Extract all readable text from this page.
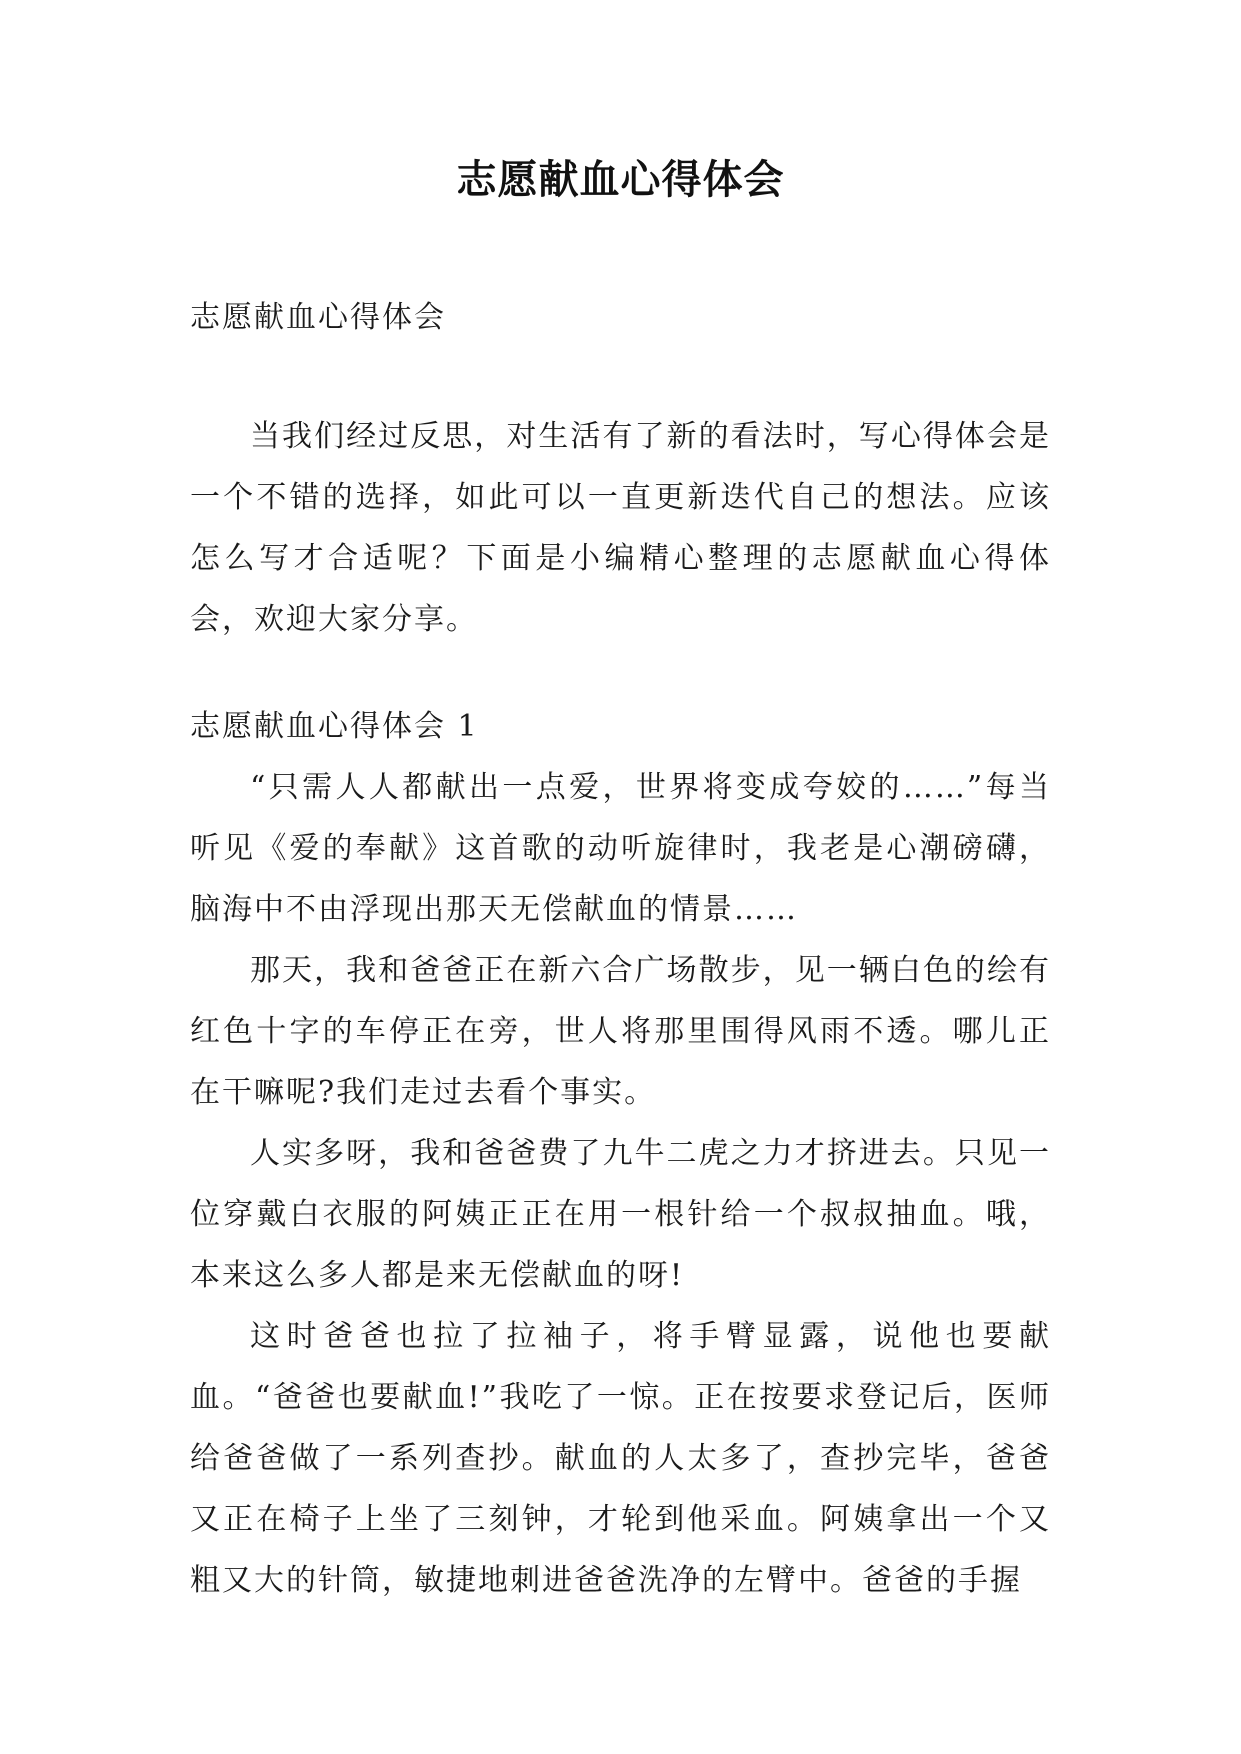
志愿献血心得体会
志愿献血心得体会

当我们经过反思，对生活有了新的看法时，写心得体会是一个不错的选择，如此可以一直更新迭代自己的想法。应该怎么写才合适呢？下面是小编精心整理的志愿献血心得体会，欢迎大家分享。

志愿献血心得体会 1

“只需人人都献出一点爱，世界将变成夸姣的……”每当听见《爱的奉献》这首歌的动听旋律时，我老是心潮磅礴，脑海中不由浮现出那天无偿献血的情景……

那天，我和爸爸正在新六合广场散步，见一辆白色的绘有红色十字的车停正在旁，世人将那里围得风雨不透。哪儿正在干嘛呢?我们走过去看个事实。

人实多呀，我和爸爸费了九牛二虎之力才挤进去。只见一位穿戴白衣服的阿姨正正在用一根针给一个叔叔抽血。哦，本来这么多人都是来无偿献血的呀!

这时爸爸也拉了拉袖子，将手臂显露，说他也要献血。“爸爸也要献血!”我吃了一惊。正在按要求登记后，医师给爸爸做了一系列查抄。献血的人太多了，查抄完毕，爸爸又正在椅子上坐了三刻钟，才轮到他采血。阿姨拿出一个又粗又大的针筒，敏捷地刺进爸爸洗净的左臂中。爸爸的手握
